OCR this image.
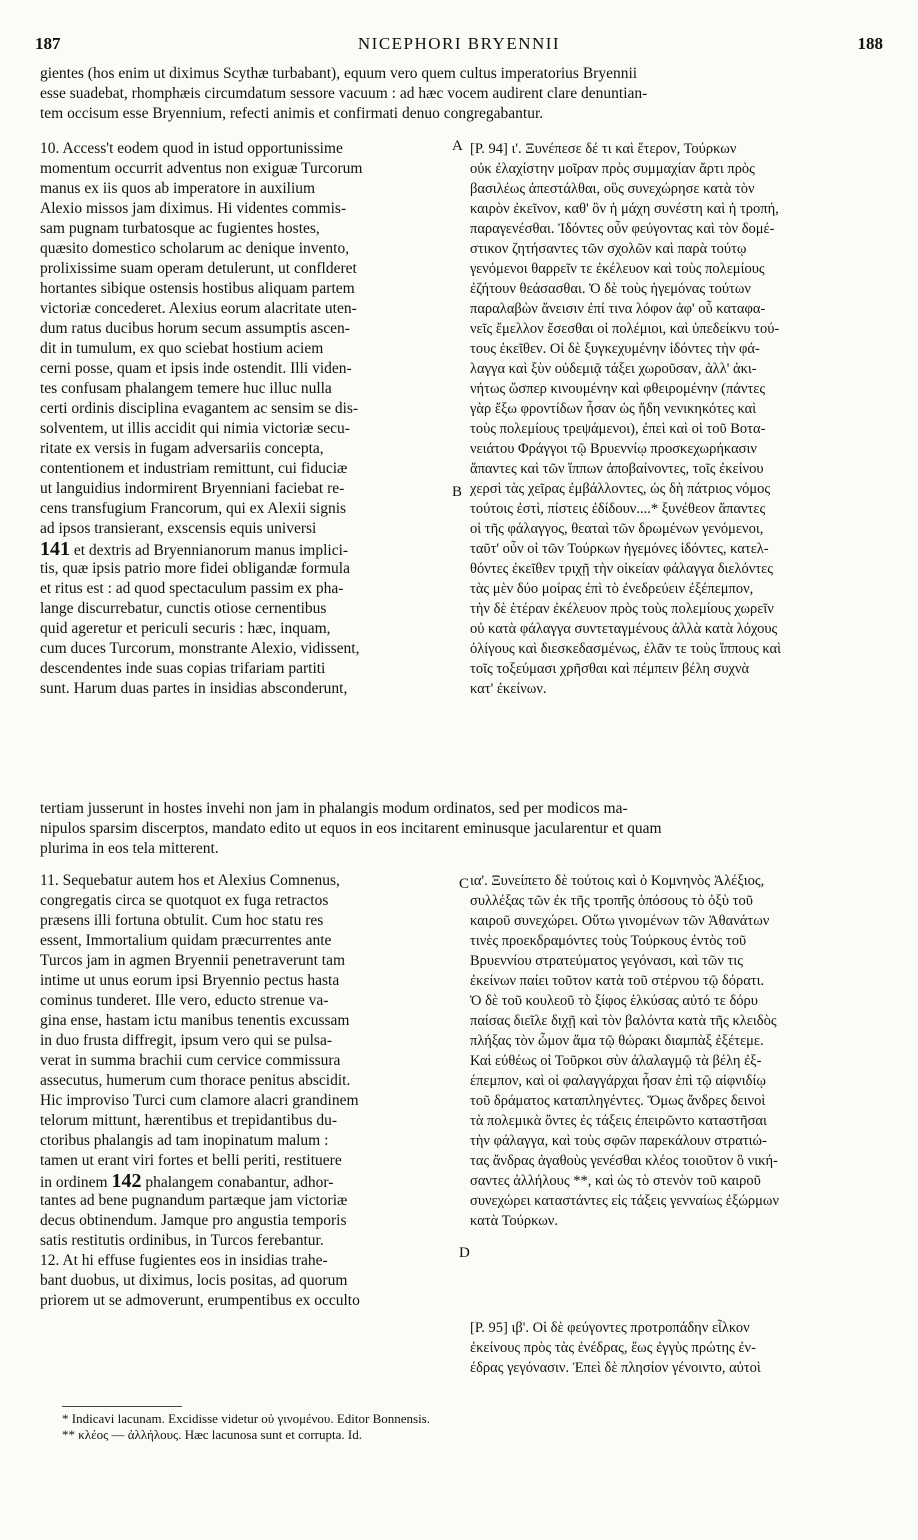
187	NICEPHORI BRYENNII	188
gientes (hos enim ut diximus Scythæ turbabant), equum vero quem cultus imperatorius Bryennii
esse suadebat, rhomphæis circumdatum sessore vacuum : ad hæc vocem audirent clare denuntian-
tem occisum esse Bryennium, refecti animis et confirmati denuo congregabantur.
10. Access't eodem quod in istud opportunissime
momentum occurrit adventus non exiguæ Turcorum
manus ex iis quos ab imperatore in auxilium
Alexio missos jam diximus. Hi videntes commis-
sam pugnam turbatosque ac fugientes hostes,
quæsito domestico scholarum ac denique invento,
prolixissime suam operam detulerunt, ut conflderet
hortantes sibique ostensis hostibus aliquam partem
victoriæ concederet. Alexius eorum alacritate uten-
dum ratus ducibus horum secum assumptis ascen-
dit in tumulum, ex quo sciebat hostium aciem
cerni posse, quam et ipsis inde ostendit. Illi viden-
tes confusam phalangem temere huc illuc nulla
certi ordinis disciplina evagantem ac sensim se dis-
solventem, ut illis accidit qui nimia victoriæ secu-
ritate ex versis in fugam adversariis concepta,
contentionem et industriam remittunt, cui fiduciæ
ut languidius indormirent Bryenniani faciebat re-
cens transfugium Francorum, qui ex Alexii signis
ad ipsos transierant, exscensis equis universi
141 et dextris ad Bryennianorum manus implici-
tis, quæ ipsis patrio more fidei obligandæ formula
et ritus est : ad quod spectaculum passim ex pha-
lange discurrebatur, cunctis otiose cernentibus
quid ageretur et periculi securis : hæc, inquam,
cum duces Turcorum, monstrante Alexio, vidissent,
descendentes inde suas copias trifariam partiti
sunt. Harum duas partes in insidias absconderunt,
[P. 94] ι'. Ξυνέπεσε δέ τι καὶ ἕτερον, Τούρκων
οὐκ ἐλαχίστην μοῖραν πρὸς συμμαχίαν ἄρτι πρὸς
βασιλέως ἀπεστάλθαι, οὓς συνεχώρησε κατὰ τὸν
καιρὸν ἐκεῖνον, καθ' ὃν ἡ μάχη συνέστη καὶ ἡ τροπή,
παραγενέσθαι. Ἰδόντες οὖν φεύγοντας καὶ τὸν δομέ-
στικον ζητήσαντες τῶν σχολῶν καὶ παρὰ τούτῳ
γενόμενοι θαρρεῖν τε ἐκέλευον καὶ τοὺς πολεμίους
ἐζήτουν θεάσασθαι. Ὁ δὲ τοὺς ἡγεμόνας τούτων
παραλαβὼν ἄνεισιν ἐπί τινα λόφον ἀφ' οὗ καταφα-
νεῖς ἔμελλον ἔσεσθαι οἱ πολέμιοι, καὶ ὑπεδείκνυ τού-
τους ἐκεῖθεν. Οἱ δὲ ξυγκεχυμένην ἰδόντες τὴν φά-
λαγγα καὶ ξὺν οὐδεμιᾷ τάξει χωροῦσαν, ἀλλ' ἀκι-
νήτως ὥσπερ κινουμένην καὶ φθειρομένην (πάντες
γὰρ ἔξω φροντίδων ἦσαν ὡς ἤδη νενικηκότες καὶ
τοὺς πολεμίους τρεψάμενοι), ἐπεὶ καὶ οἱ τοῦ Βοτα-
νειάτου Φράγγοι τῷ Βρυεννίῳ προσκεχωρήκασιν
ἅπαντες καὶ τῶν ἵππων ἀποβαίνοντες, τοῖς ἐκείνου
χερσὶ τὰς χεῖρας ἐμβάλλοντες, ὡς δὴ πάτριος νόμος
τούτοις ἐστὶ, πίστεις ἐδίδουν....* ξυνέθεον ἅπαντες
οἱ τῆς φάλαγγος, θεαταὶ τῶν δρωμένων γενόμενοι,
ταῦτ' οὖν οἱ τῶν Τούρκων ἡγεμόνες ἰδόντες, κατελ-
θόντες ἐκεῖθεν τριχῇ τὴν οἰκείαν φάλαγγα διελόντες
τὰς μὲν δύο μοίρας ἐπὶ τὸ ἐνεδρεύειν ἐξέπεμπον,
τὴν δὲ ἑτέραν ἐκέλευον πρὸς τοὺς πολεμίους χωρεῖν
οὐ κατὰ φάλαγγα συντεταγμένους ἀλλὰ κατὰ λόχους
ὀλίγους καὶ διεσκεδασμένως, ἐλᾶν τε τοὺς ἵππους καὶ
τοῖς τοξεύμασι χρῆσθαι καὶ πέμπειν βέλη συχνὰ
κατ' ἐκείνων.
tertiam jusserunt in hostes invehi non jam in phalangis modum ordinatos, sed per modicos ma-
nipulos sparsim discerptos, mandato edito ut equos in eos incitarent eminusque jacularentur et quam
plurima in eos tela mitterent.
11. Sequebatur autem hos et Alexius Comnenus,
congregatis circa se quotquot ex fuga retractos
præsens illi fortuna obtulit. Cum hoc statu res
essent, Immortalium quidam præcurrentes ante
Turcos jam in agmen Bryennii penetraverunt tam
intime ut unus eorum ipsi Bryennio pectus hasta
cominus tunderet. Ille vero, educto strenue va-
gina ense, hastam ictu manibus tenentis excussam
in duo frusta diffregit, ipsum vero qui se pulsa-
verat in summa brachii cum cervice commissura
assecutus, humerum cum thorace penitus abscidit.
Hic improviso Turci cum clamore alacri grandinem
telorum mittunt, hærentibus et trepidantibus du-
ctoribus phalangis ad tam inopinatum malum :
tamen ut erant viri fortes et belli periti, restituere
in ordinem 142 phalangem conabantur, adhor-
tantes ad bene pugnandum partæque jam victoriæ
decus obtinendum. Jamque pro angustia temporis
satis restitutis ordinibus, in Turcos ferebantur.
12. At hi effuse fugientes eos in insidias trahe-
bant duobus, ut diximus, locis positas, ad quorum
priorem ut se admoverunt, erumpentibus ex occulto
ια'. Ξυνείπετο δὲ τούτοις καὶ ὁ Κομνηνὸς Ἀλέξιος,
συλλέξας τῶν ἐκ τῆς τροπῆς ὁπόσους τὸ ὀξὺ τοῦ
καιροῦ συνεχώρει. Οὕτω γινομένων τῶν Ἀθανάτων
τινὲς προεκδραμόντες τοὺς Τούρκους ἐντὸς τοῦ
Βρυεννίου στρατεύματος γεγόνασι, καὶ τῶν τις
ἐκείνων παίει τοῦτον κατὰ τοῦ στέρνου τῷ δόρατι.
Ὁ δὲ τοῦ κουλεοῦ τὸ ξίφος ἑλκύσας αὐτό τε δόρυ
παίσας διεῖλε διχῇ καὶ τὸν βαλόντα κατὰ τῆς κλειδὸς
πλήξας τὸν ὦμον ἅμα τῷ θώρακι διαμπὰξ ἐξέτεμε.
Καὶ εὐθέως οἱ Τοῦρκοι σὺν ἀλαλαγμῷ τὰ βέλη ἐξ-
έπεμπον, καὶ οἱ φαλαγγάρχαι ἦσαν ἐπὶ τῷ αἰφνιδίῳ
τοῦ δράματος καταπληγέντες. Ὅμως ἄνδρες δεινοὶ
τὰ πολεμικὰ ὄντες ἐς τάξεις ἐπειρῶντο καταστῆσαι
τὴν φάλαγγα, καὶ τοὺς σφῶν παρεκάλουν στρατιώ-
τας ἄνδρας ἀγαθοὺς γενέσθαι κλέος τοιοῦτον ὃ νική-
σαντες ἀλλήλους **, καὶ ὡς τὸ στενὸν τοῦ καιροῦ
συνεχώρει καταστάντες εἰς τάξεις γενναίως ἐξώρμων
κατὰ Τούρκων.
[P. 95] ιβ'. Οἱ δὲ φεύγοντες προτροπάδην εἷλκον
ἐκείνους πρὸς τὰς ἐνέδρας, ἕως ἐγγὺς πρώτης ἐν-
έδρας γεγόνασιν. Ἐπεὶ δὲ πλησίον γένοιντο, αὐτοὶ
A
B
C
D
* Indicavi lacunam. Excidisse videtur οὐ γινομένου. Editor Bonnensis.
** κλέος — ἀλλήλους. Hæc lacunosa sunt et corrupta. Id.
